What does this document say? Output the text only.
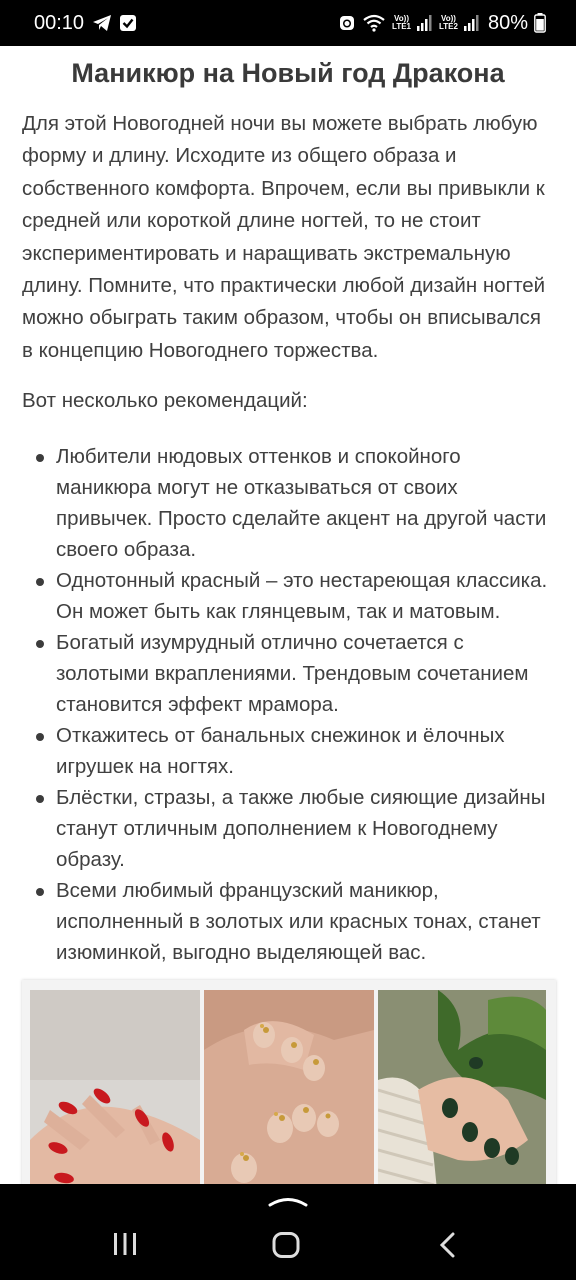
00:10	Vo))
LTE1
Vo))
LTE2 80%
Маникюр на Новый год Дракона

Для этой Новогодней ночи вы можете выбрать любую форму и длину. Исходите из общего образа и собственного комфорта. Впрочем, если вы привыкли к средней или короткой длине ногтей, то не стоит экспериментировать и наращивать экстремальную длину. Помните, что практически любой дизайн ногтей можно обыграть таким образом, чтобы он вписывался в концепцию Новогоднего торжества.

Вот несколько рекомендаций:

Любители нюдовых оттенков и спокойного маникюра могут не отказываться от своих привычек. Просто сделайте акцент на другой части своего образа.
Однотонный красный – это нестареющая классика. Он может быть как глянцевым, так и матовым.
Богатый изумрудный отлично сочетается с золотыми вкраплениями. Трендовым сочетанием становится эффект мрамора.
Откажитесь от банальных снежинок и ёлочных игрушек на ногтях.
Блёстки, стразы, а также любые сияющие дизайны станут отличным дополнением к Новогоднему образу.
Всеми любимый французский маникюр, исполненный в золотых или красных тонах, станет изюминкой, выгодно выделяющей вас.
